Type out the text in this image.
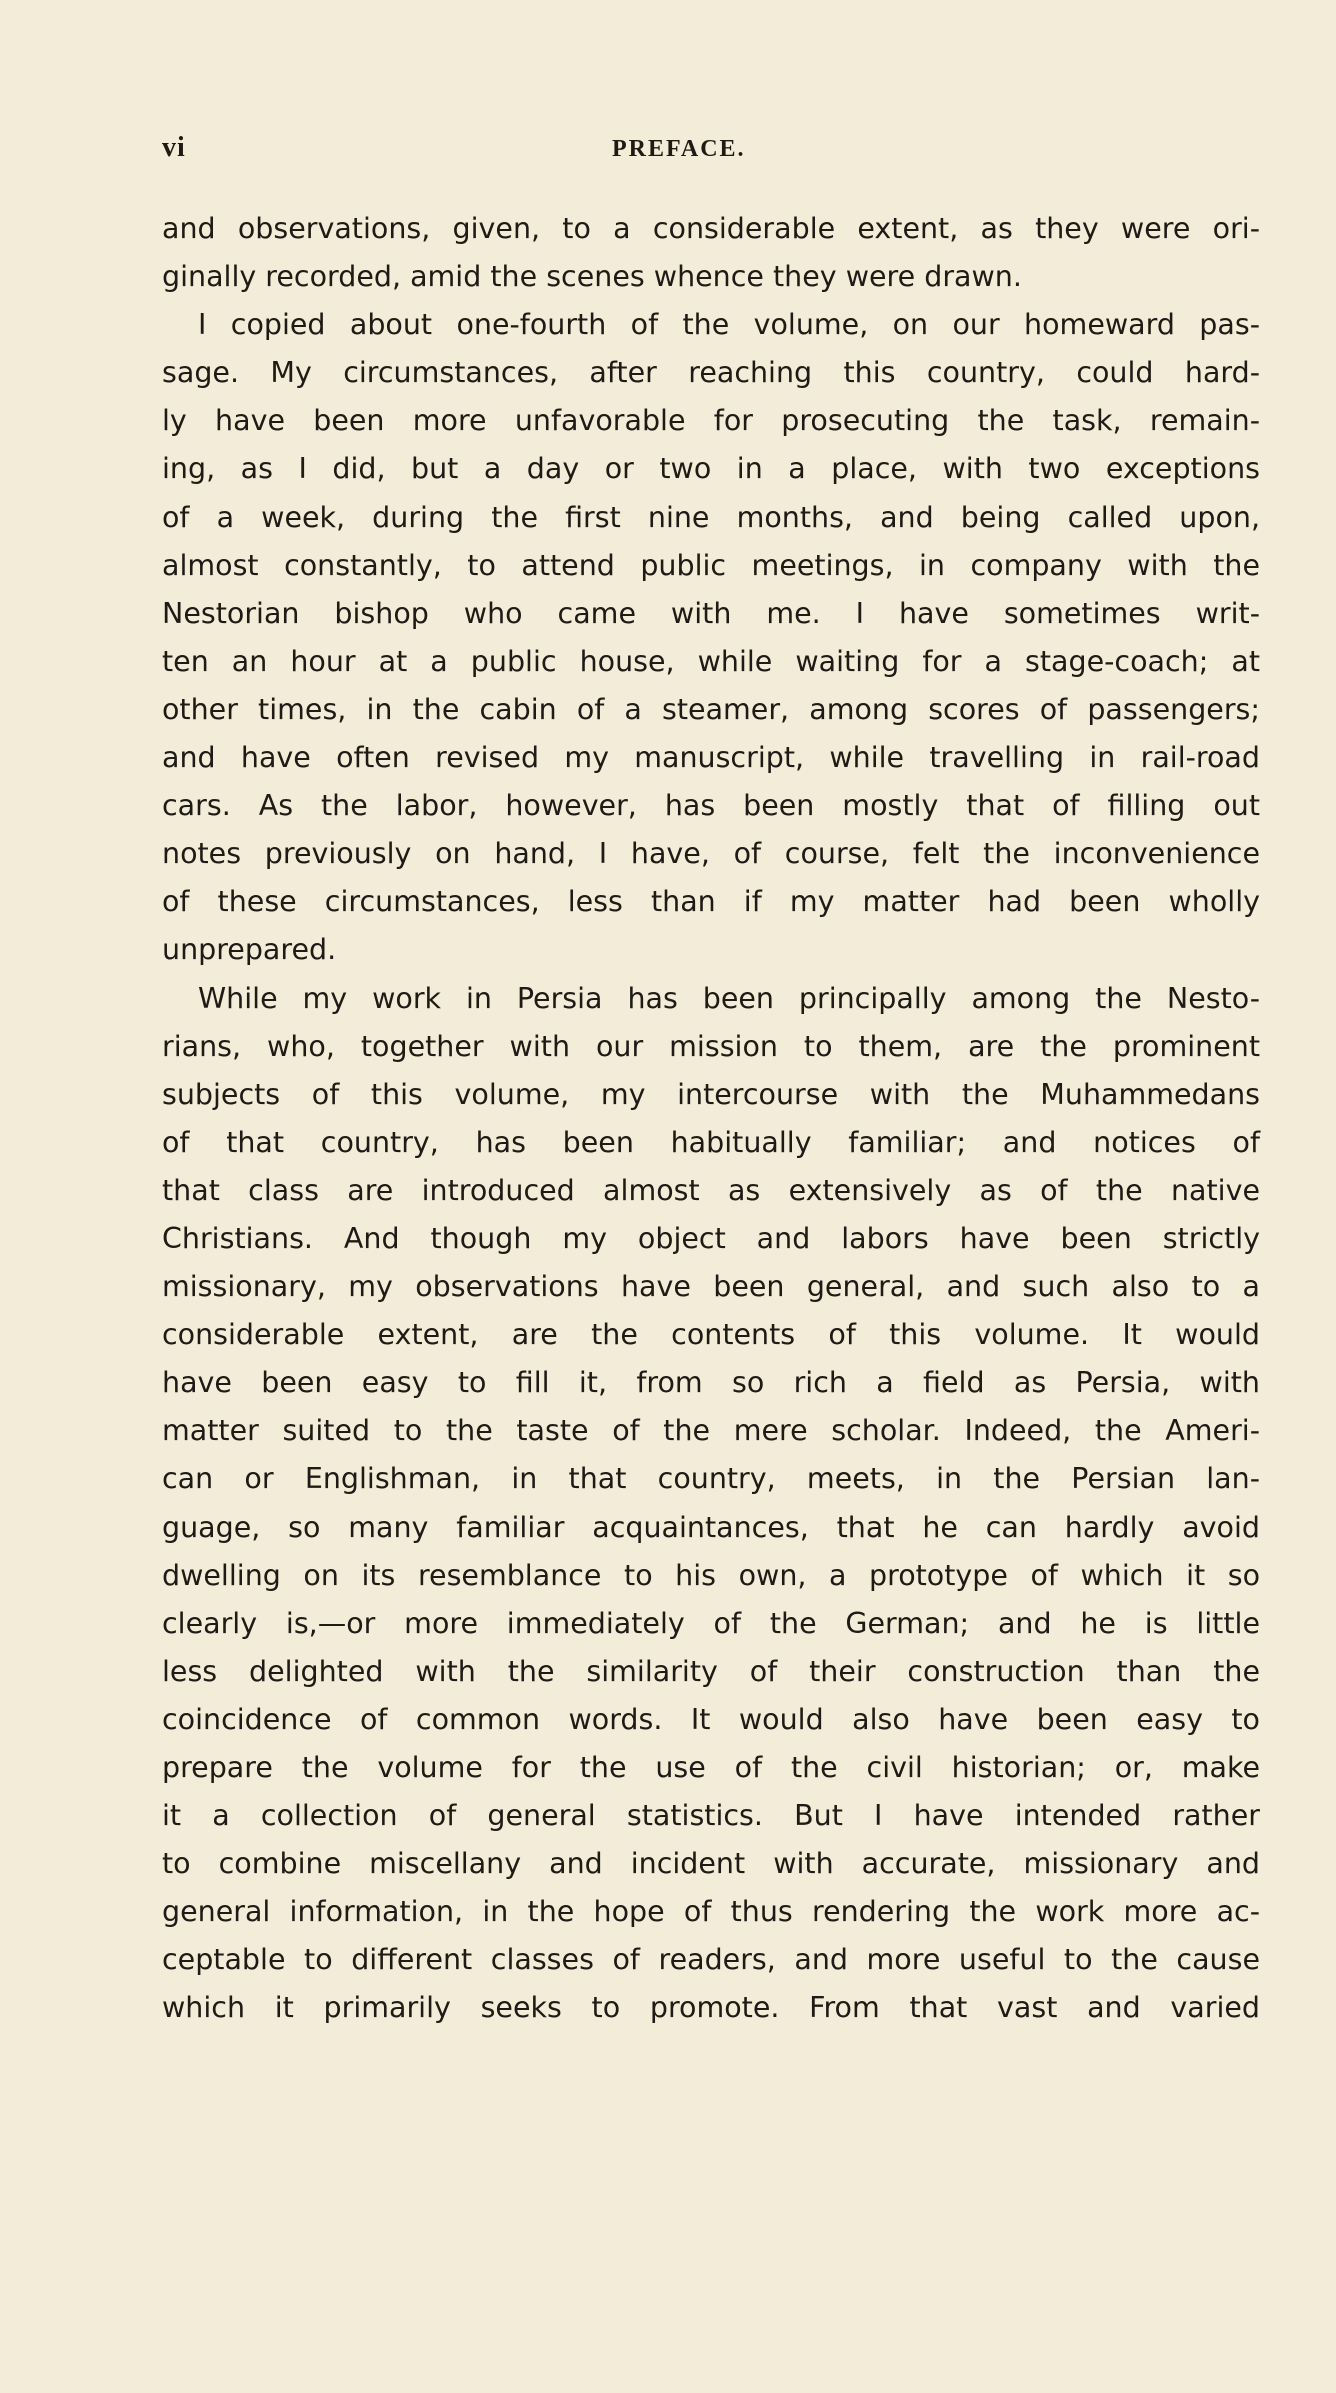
vi	PREFACE.
and observations, given, to a considerable extent, as they were ori-
ginally recorded, amid the scenes whence they were drawn.
I copied about one-fourth of the volume, on our homeward pas-
sage. My circumstances, after reaching this country, could hard-
ly have been more unfavorable for prosecuting the task, remain-
ing, as I did, but a day or two in a place, with two exceptions
of a week, during the first nine months, and being called upon,
almost constantly, to attend public meetings, in company with the
Nestorian bishop who came with me. I have sometimes writ-
ten an hour at a public house, while waiting for a stage-coach; at
other times, in the cabin of a steamer, among scores of passengers;
and have often revised my manuscript, while travelling in rail-road
cars. As the labor, however, has been mostly that of filling out
notes previously on hand, I have, of course, felt the inconvenience
of these circumstances, less than if my matter had been wholly
unprepared.
While my work in Persia has been principally among the Nesto-
rians, who, together with our mission to them, are the prominent
subjects of this volume, my intercourse with the Muhammedans
of that country, has been habitually familiar; and notices of
that class are introduced almost as extensively as of the native
Christians. And though my object and labors have been strictly
missionary, my observations have been general, and such also to a
considerable extent, are the contents of this volume. It would
have been easy to fill it, from so rich a field as Persia, with
matter suited to the taste of the mere scholar. Indeed, the Ameri-
can or Englishman, in that country, meets, in the Persian lan-
guage, so many familiar acquaintances, that he can hardly avoid
dwelling on its resemblance to his own, a prototype of which it so
clearly is,—or more immediately of the German; and he is little
less delighted with the similarity of their construction than the
coincidence of common words. It would also have been easy to
prepare the volume for the use of the civil historian; or, make
it a collection of general statistics. But I have intended rather
to combine miscellany and incident with accurate, missionary and
general information, in the hope of thus rendering the work more ac-
ceptable to different classes of readers, and more useful to the cause
which it primarily seeks to promote. From that vast and varied
